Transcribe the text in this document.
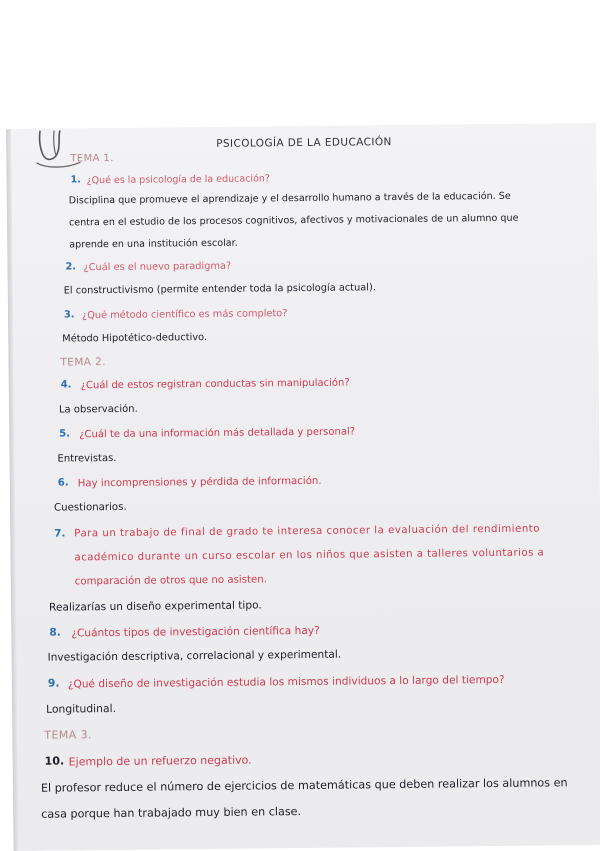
PSICOLOGÍA DE LA EDUCACIÓN
TEMA 1.
1. ¿Qué es la psicología de la educación?
Disciplina que promueve el aprendizaje y el desarrollo humano a través de la educación. Se
centra en el estudio de los procesos cognitivos, afectivos y motivacionales de un alumno que
aprende en una institución escolar.
2. ¿Cuál es el nuevo paradigma?
El constructivismo (permite entender toda la psicología actual).
3. ¿Qué método científico es más completo?
Método Hipotético-deductivo.
TEMA 2.
4. ¿Cuál de estos registran conductas sin manipulación?
La observación.
5. ¿Cuál te da una información más detallada y personal?
Entrevistas.
6. Hay incomprensiones y pérdida de información.
Cuestionarios.
7. Para un trabajo de final de grado te interesa conocer la evaluación del rendimiento
académico durante un curso escolar en los niños que asisten a talleres voluntarios a
comparación de otros que no asisten.
Realizarías un diseño experimental tipo.
8. ¿Cuántos tipos de investigación científica hay?
Investigación descriptiva, correlacional y experimental.
9. ¿Qué diseño de investigación estudia los mismos individuos a lo largo del tiempo?
Longitudinal.
TEMA 3.
10. Ejemplo de un refuerzo negativo.
El profesor reduce el número de ejercicios de matemáticas que deben realizar los alumnos en
casa porque han trabajado muy bien en clase.
